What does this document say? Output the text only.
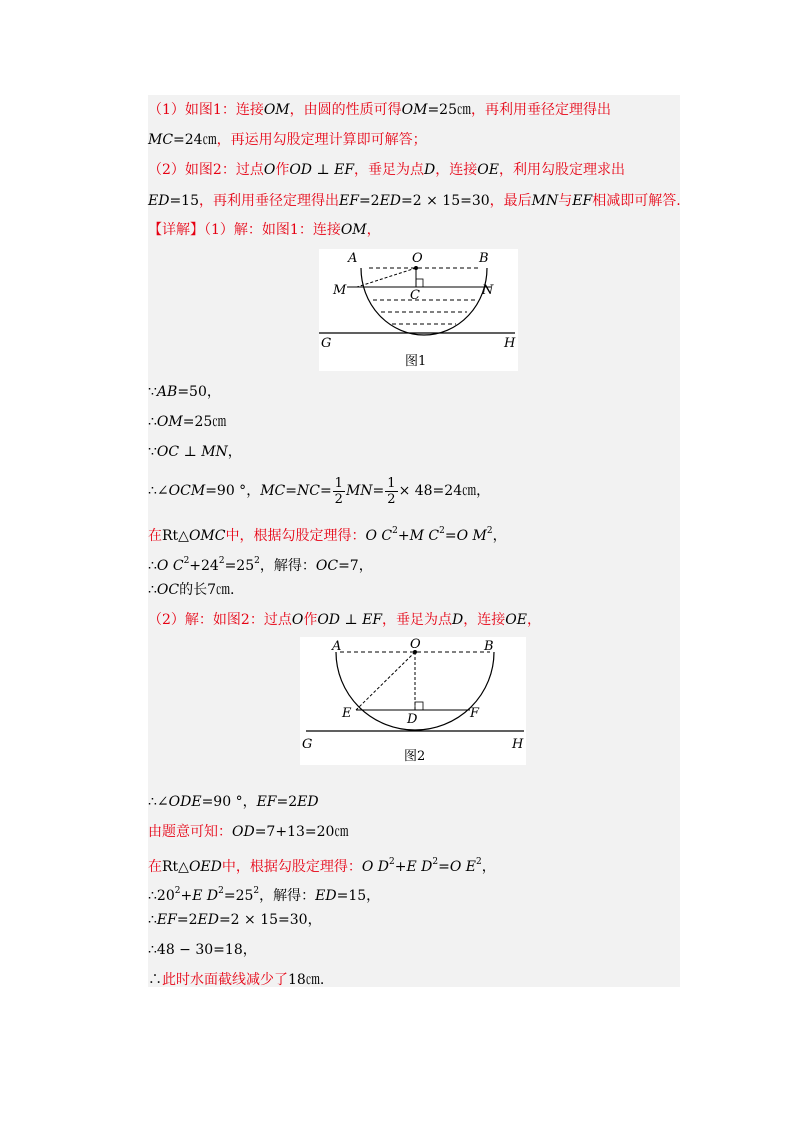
（1）如图1：连接OM，由圆的性质可得OM=25㎝，再利用垂径定理得出
MC=24㎝，再运用勾股定理计算即可解答；
（2）如图2：过点O作OD ⊥ EF，垂足为点D，连接OE，利用勾股定理求出
ED=15，再利用垂径定理得出EF=2ED=2 × 15=30，最后MN与EF相减即可解答.
【详解】（1）解：如图1：连接OM，
A	O	B
M	C	N
G	H
图1
∵AB=50，
∴OM=25㎝
∵OC ⊥ MN，
∴∠OCM=90 °，$MC=NC= \frac{1}{2} MN= \frac{1}{2}$ × 48=24㎝，
在Rt△OMC中，根据勾股定理得：O $C^2+M$ $C^2=O$ $M^2$，
∴O $C^2+24^2=25^2$，解得：OC=7，
∴OC的长7㎝.
（2）解：如图2：过点O作OD ⊥ EF，垂足为点D，连接OE，
A	O	B
E	D	F
G	H
图2
∴∠ODE=90 °，EF=2ED
由题意可知：OD=7+13=20㎝
在Rt△OED中，根据勾股定理得：O $D^2+E$ $D^2=O$ $E^2$，
$\therefore 20^2+E$ $D^2=25^2$，解得：ED=15，
∴EF=2ED=2 × 15=30，
∴48 − 30=18，
∴此时水面截线减少了18㎝.
